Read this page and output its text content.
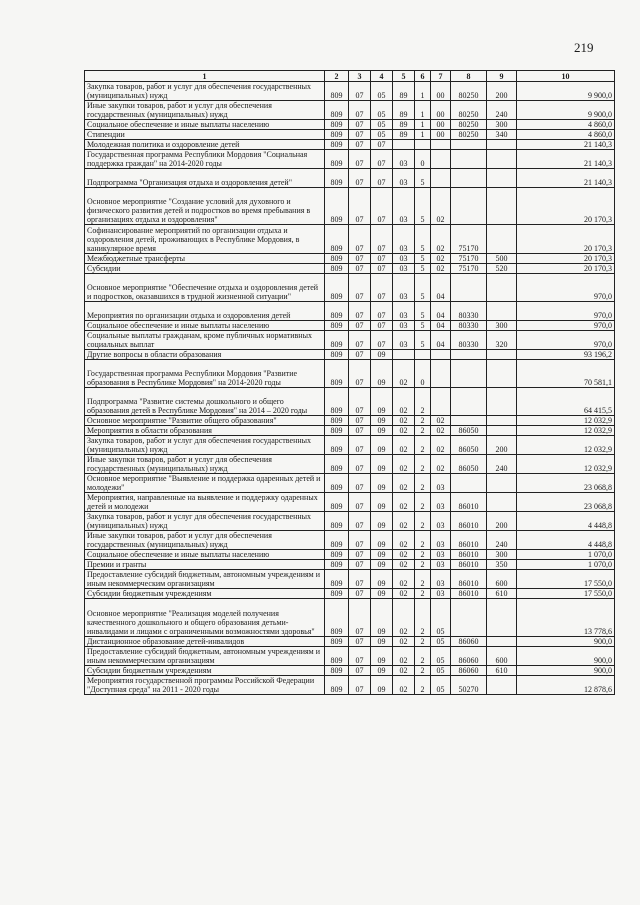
219
1	2	3	4	5	6	7	8	9	10
Закупка товаров, работ и услуг для обеспечения государственных (муниципальных) нужд	809	07	05	89	1	00	80250	200	9 900,0
Иные закупки товаров, работ и услуг для обеспечения государственных (муниципальных) нужд	809	07	05	89	1	00	80250	240	9 900,0
Социальное обеспечение и иные выплаты населению	809	07	05	89	1	00	80250	300	4 860,0
Стипендии	809	07	05	89	1	00	80250	340	4 860,0
Молодежная политика и оздоровление детей	809	07	07						21 140,3
Государственная программа Республики Мордовия "Социальная поддержка граждан" на 2014-2020 годы	809	07	07	03	0				21 140,3
Подпрограмма "Организация отдыха и оздоровления детей"	809	07	07	03	5				21 140,3
Основное мероприятие "Создание условий для духовного и физического развития детей и подростков во время пребывания в организациях отдыха и оздоровления"	809	07	07	03	5	02			20 170,3
Софинансирование мероприятий по организации отдыха и оздоровления детей, проживающих в Республике Мордовия, в каникулярное время	809	07	07	03	5	02	75170		20 170,3
Межбюджетные трансферты	809	07	07	03	5	02	75170	500	20 170,3
Субсидии	809	07	07	03	5	02	75170	520	20 170,3
Основное мероприятие "Обеспечение отдыха и оздоровления детей и подростков, оказавшихся в трудной жизненной ситуации"	809	07	07	03	5	04			970,0
Мероприятия по организации отдыха и оздоровления детей	809	07	07	03	5	04	80330		970,0
Социальное обеспечение и иные выплаты населению	809	07	07	03	5	04	80330	300	970,0
Социальные выплаты гражданам, кроме публичных нормативных социальных выплат	809	07	07	03	5	04	80330	320	970,0
Другие вопросы в области образования	809	07	09						93 196,2
Государственная программа Республики Мордовия "Развитие образования в Республике Мордовия" на 2014-2020 годы	809	07	09	02	0				70 581,1
Подпрограмма "Развитие системы дошкольного и общего образования детей в Республике Мордовия" на 2014 – 2020 годы	809	07	09	02	2				64 415,5
Основное мероприятие "Развитие общего образования"	809	07	09	02	2	02			12 032,9
Мероприятия в области образования	809	07	09	02	2	02	86050		12 032,9
Закупка товаров, работ и услуг для обеспечения государственных (муниципальных) нужд	809	07	09	02	2	02	86050	200	12 032,9
Иные закупки товаров, работ и услуг для обеспечения государственных (муниципальных) нужд	809	07	09	02	2	02	86050	240	12 032,9
Основное мероприятие "Выявление и поддержка одаренных детей и молодежи"	809	07	09	02	2	03			23 068,8
Мероприятия, направленные на выявление и поддержку одаренных детей и молодежи	809	07	09	02	2	03	86010		23 068,8
Закупка товаров, работ и услуг для обеспечения государственных (муниципальных) нужд	809	07	09	02	2	03	86010	200	4 448,8
Иные закупки товаров, работ и услуг для обеспечения государственных (муниципальных) нужд	809	07	09	02	2	03	86010	240	4 448,8
Социальное обеспечение и иные выплаты населению	809	07	09	02	2	03	86010	300	1 070,0
Премии и гранты	809	07	09	02	2	03	86010	350	1 070,0
Предоставление субсидий бюджетным, автономным учреждениям и иным некоммерческим организациям	809	07	09	02	2	03	86010	600	17 550,0
Субсидии бюджетным учреждениям	809	07	09	02	2	03	86010	610	17 550,0
Основное мероприятие "Реализация моделей получения качественного дошкольного и общего образования детьми-инвалидами и лицами с ограниченными возможностями здоровья"	809	07	09	02	2	05			13 778,6
Дистанционное образование детей-инвалидов	809	07	09	02	2	05	86060		900,0
Предоставление субсидий бюджетным, автономным учреждениям и иным некоммерческим организациям	809	07	09	02	2	05	86060	600	900,0
Субсидии бюджетным учреждениям	809	07	09	02	2	05	86060	610	900,0
Мероприятия государственной программы Российской Федерации "Доступная среда" на 2011 - 2020 годы	809	07	09	02	2	05	50270		12 878,6
